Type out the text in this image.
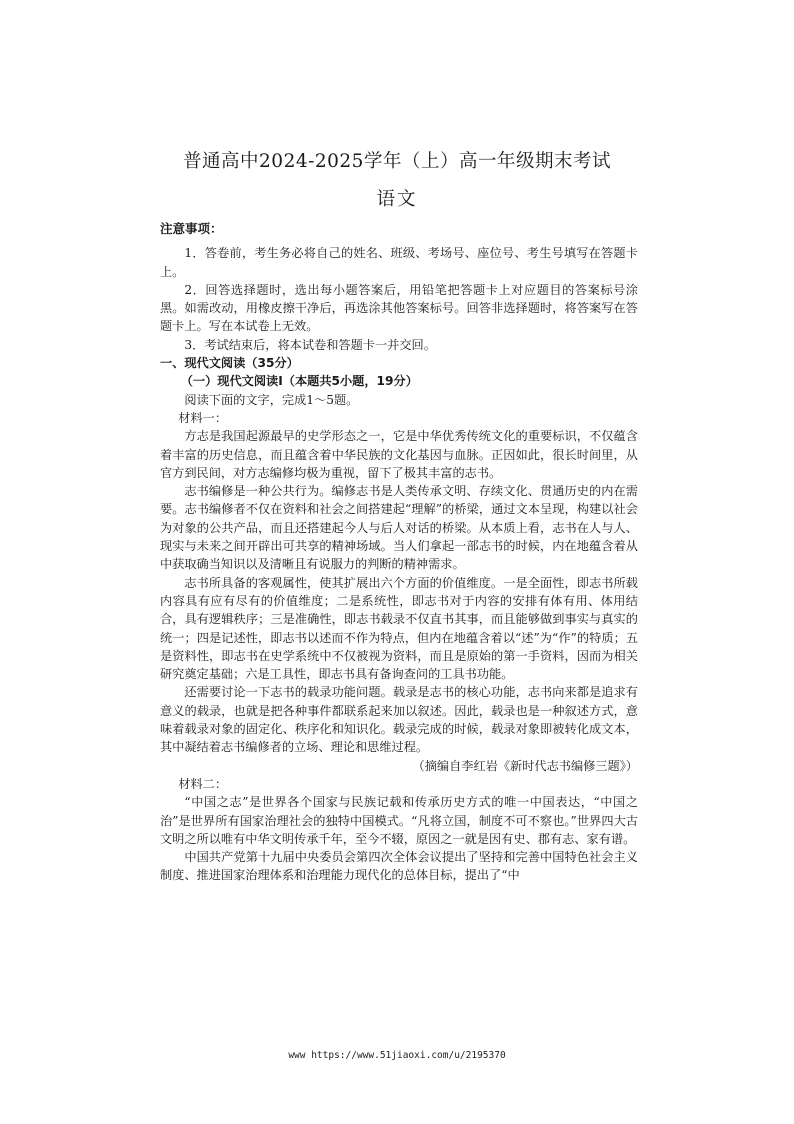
普通高中2024-2025学年（上）高一年级期末考试
语文

注意事项：

1．答卷前，考生务必将自己的姓名、班级、考场号、座位号、考生号填写在答题卡上。

2．回答选择题时，选出每小题答案后，用铅笔把答题卡上对应题目的答案标号涂黑。如需改动，用橡皮擦干净后，再选涂其他答案标号。回答非选择题时，将答案写在答题卡上。写在本试卷上无效。

3．考试结束后，将本试卷和答题卡一并交回。

一、现代文阅读（35分）

（一）现代文阅读Ⅰ（本题共5小题，19分）

阅读下面的文字，完成1～5题。

材料一：

方志是我国起源最早的史学形态之一，它是中华优秀传统文化的重要标识，不仅蕴含着丰富的历史信息，而且蕴含着中华民族的文化基因与血脉。正因如此，很长时间里，从官方到民间，对方志编修均极为重视，留下了极其丰富的志书。

志书编修是一种公共行为。编修志书是人类传承文明、存续文化、贯通历史的内在需要。志书编修者不仅在资料和社会之间搭建起“理解”的桥梁，通过文本呈现，构建以社会为对象的公共产品，而且还搭建起今人与后人对话的桥梁。从本质上看，志书在人与人、现实与未来之间开辟出可共享的精神场域。当人们拿起一部志书的时候，内在地蕴含着从中获取确当知识以及清晰且有说服力的判断的精神需求。

志书所具备的客观属性，使其扩展出六个方面的价值维度。一是全面性，即志书所载内容具有应有尽有的价值维度；二是系统性，即志书对于内容的安排有体有用、体用结合，具有逻辑秩序；三是准确性，即志书载录不仅直书其事，而且能够做到事实与真实的统一；四是记述性，即志书以述而不作为特点，但内在地蕴含着以“述”为“作”的特质；五是资料性，即志书在史学系统中不仅被视为资料，而且是原始的第一手资料，因而为相关研究奠定基础；六是工具性，即志书具有备询查问的工具书功能。

还需要讨论一下志书的载录功能问题。载录是志书的核心功能，志书向来都是追求有意义的载录，也就是把各种事件都联系起来加以叙述。因此，载录也是一种叙述方式，意味着载录对象的固定化、秩序化和知识化。载录完成的时候，载录对象即被转化成文本，其中凝结着志书编修者的立场、理论和思维过程。

（摘编自李红岩《新时代志书编修三题》）

材料二：

“中国之志”是世界各个国家与民族记载和传承历史方式的唯一中国表达，“中国之治”是世界所有国家治理社会的独特中国模式。“凡将立国，制度不可不察也。”世界四大古文明之所以唯有中华文明传承千年，至今不辍，原因之一就是因有史、郡有志、家有谱。

中国共产党第十九届中央委员会第四次全体会议提出了坚持和完善中国特色社会主义制度、推进国家治理体系和治理能力现代化的总体目标，提出了“中

www https://www.51jiaoxi.com/u/2195370
